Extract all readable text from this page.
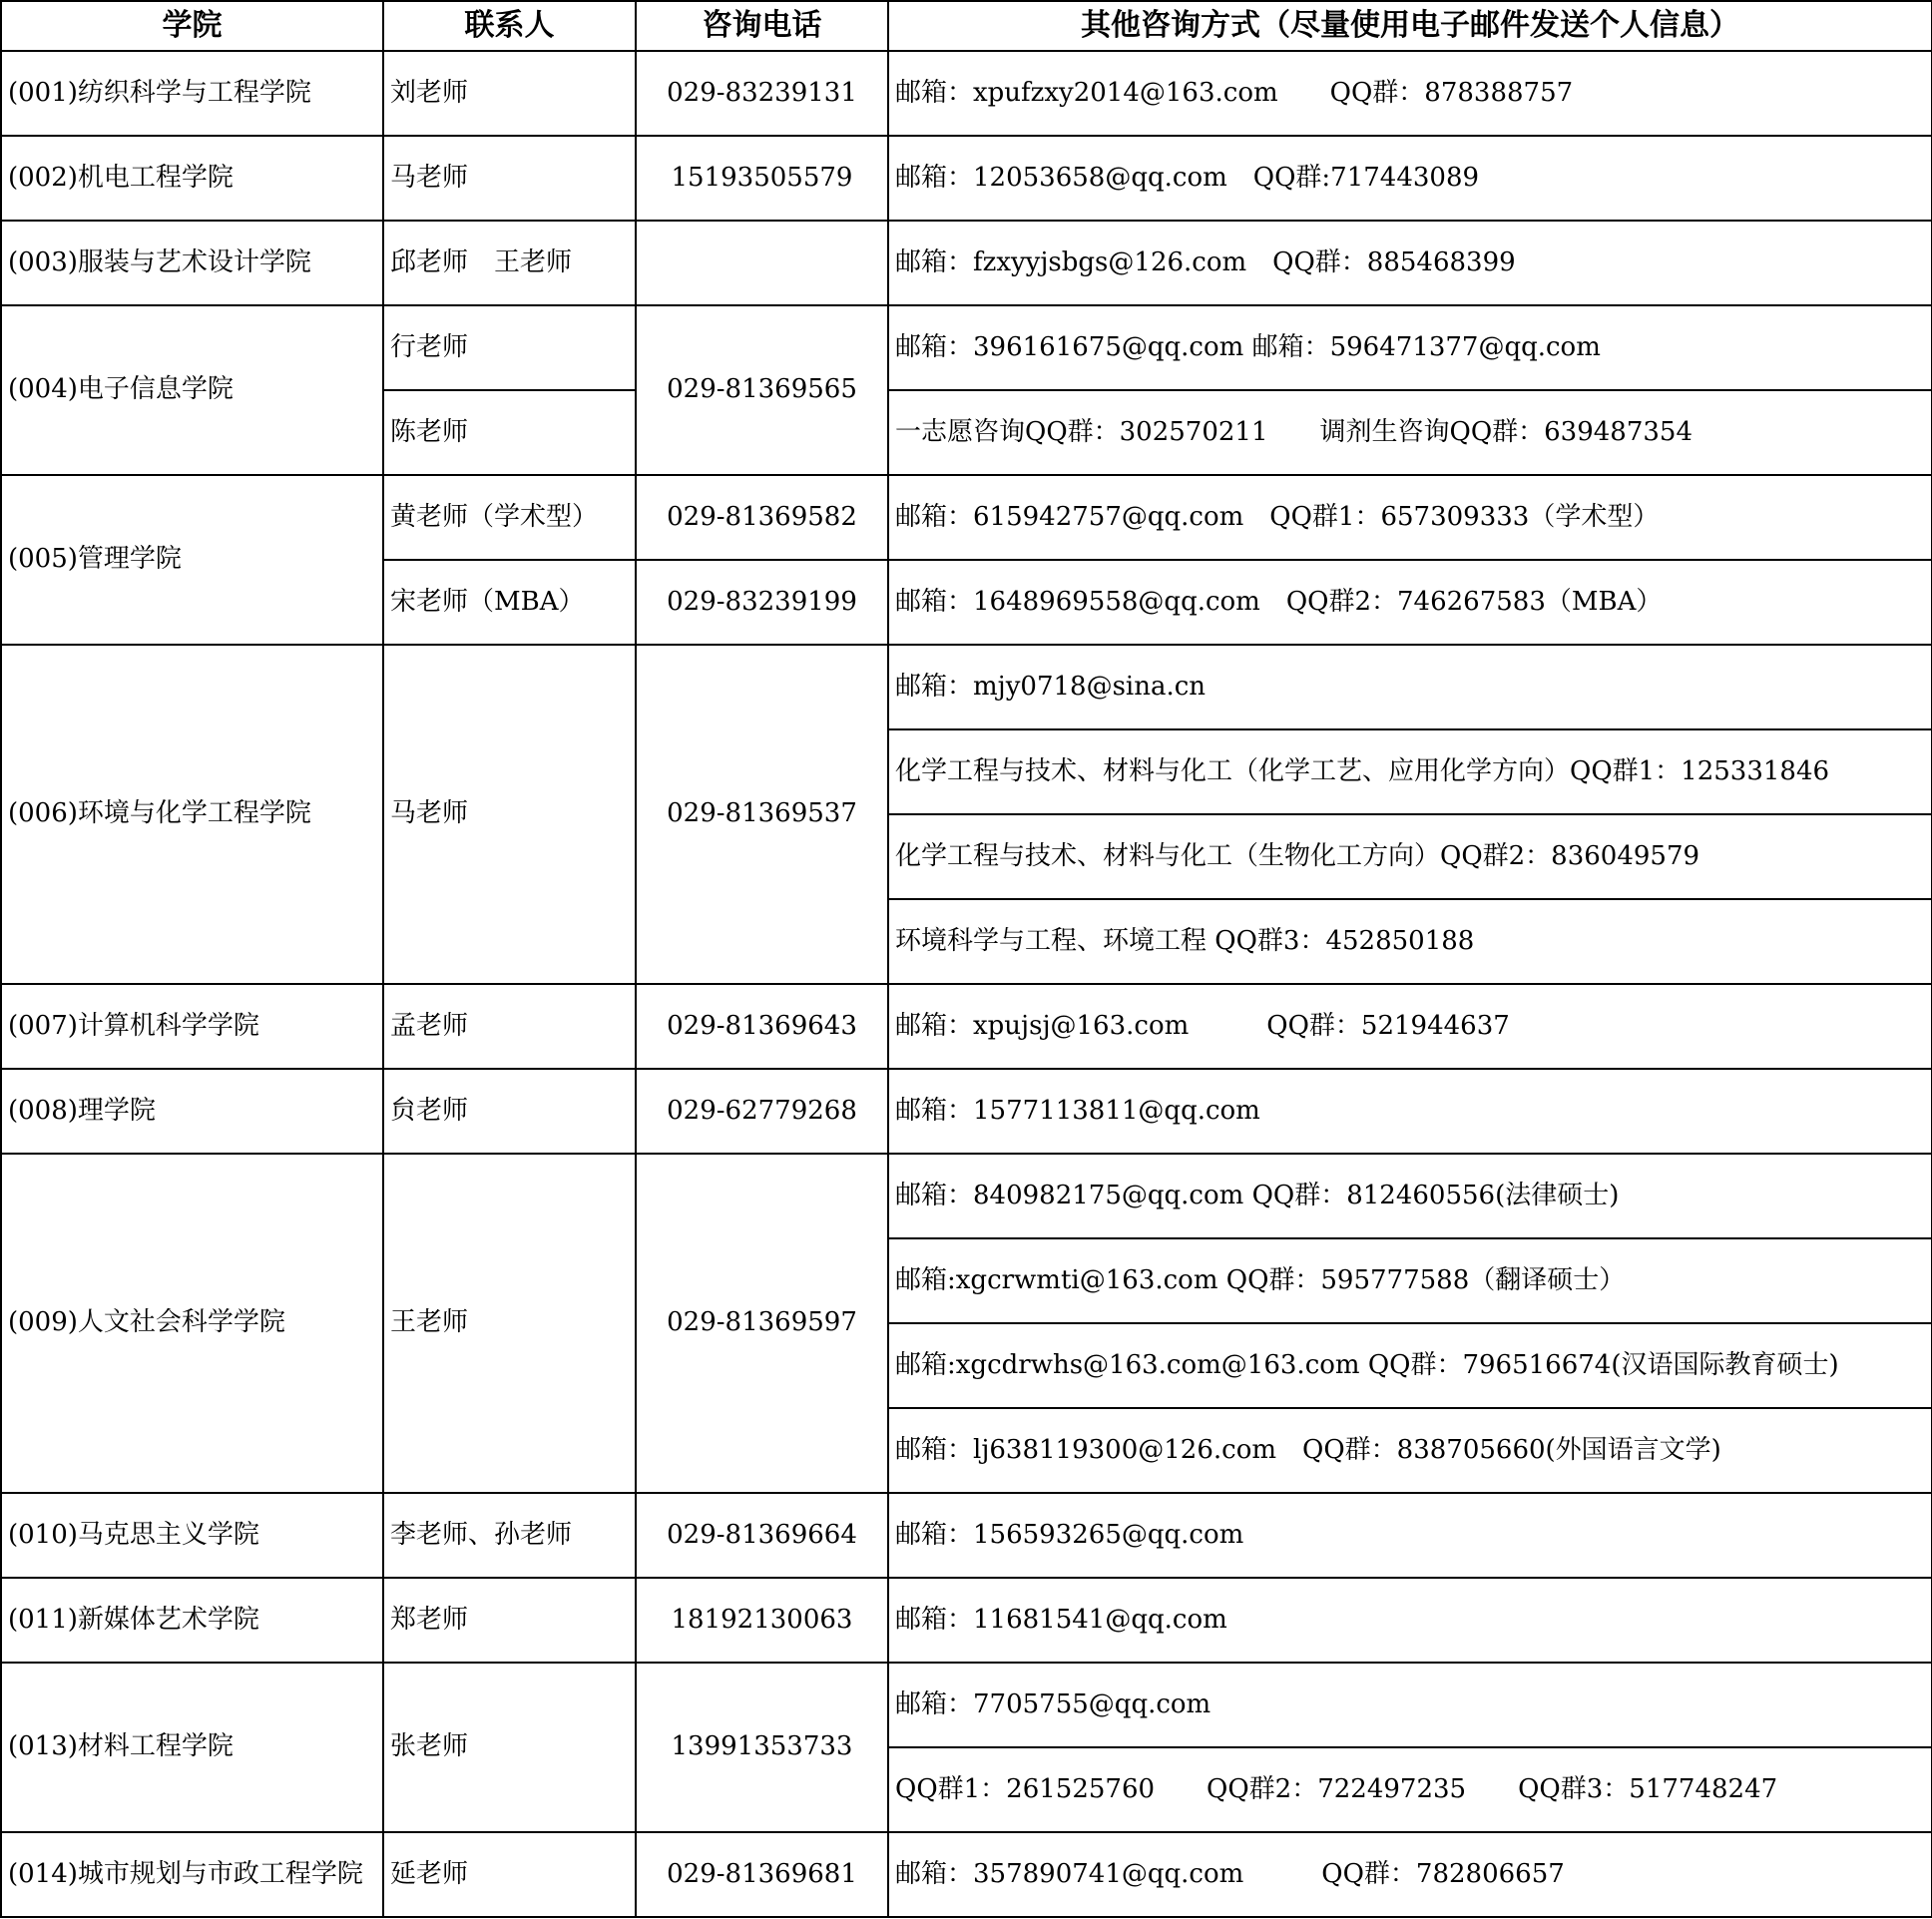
学院	联系人	咨询电话	其他咨询方式（尽量使用电子邮件发送个人信息）
(001)纺织科学与工程学院	刘老师	029-83239131	邮箱：xpufzxy2014@163.com　　QQ群：878388757
(002)机电工程学院	马老师	15193505579	邮箱：12053658@qq.com　QQ群:717443089
(003)服装与艺术设计学院	邱老师　王老师		邮箱：fzxyyjsbgs@126.com　QQ群：885468399
(004)电子信息学院	行老师	029-81369565	邮箱：396161675@qq.com 邮箱：596471377@qq.com
	陈老师		一志愿咨询QQ群：302570211　　调剂生咨询QQ群：639487354
(005)管理学院	黄老师（学术型）	029-81369582	邮箱：615942757@qq.com　QQ群1：657309333（学术型）
	宋老师（MBA）	029-83239199	邮箱：1648969558@qq.com　QQ群2：746267583（MBA）
(006)环境与化学工程学院	马老师	029-81369537	邮箱：mjy0718@sina.cn
			化学工程与技术、材料与化工（化学工艺、应用化学方向）QQ群1：125331846
			化学工程与技术、材料与化工（生物化工方向）QQ群2：836049579
			环境科学与工程、环境工程 QQ群3：452850188
(007)计算机科学学院	孟老师	029-81369643	邮箱：xpujsj@163.com　　　QQ群：521944637
(008)理学院	贠老师	029-62779268	邮箱：1577113811@qq.com
(009)人文社会科学学院	王老师	029-81369597	邮箱：840982175@qq.com QQ群：812460556(法律硕士)
			邮箱:xgcrwmti@163.com QQ群：595777588（翻译硕士）
			邮箱:xgcdrwhs@163.com@163.com QQ群：796516674(汉语国际教育硕士)
			邮箱：lj638119300@126.com　QQ群：838705660(外国语言文学)
(010)马克思主义学院	李老师、孙老师	029-81369664	邮箱：156593265@qq.com
(011)新媒体艺术学院	郑老师	18192130063	邮箱：11681541@qq.com
(013)材料工程学院	张老师	13991353733	邮箱：7705755@qq.com
			QQ群1：261525760　　QQ群2：722497235　　QQ群3：517748247
(014)城市规划与市政工程学院	延老师	029-81369681	邮箱：357890741@qq.com　　　QQ群：782806657
